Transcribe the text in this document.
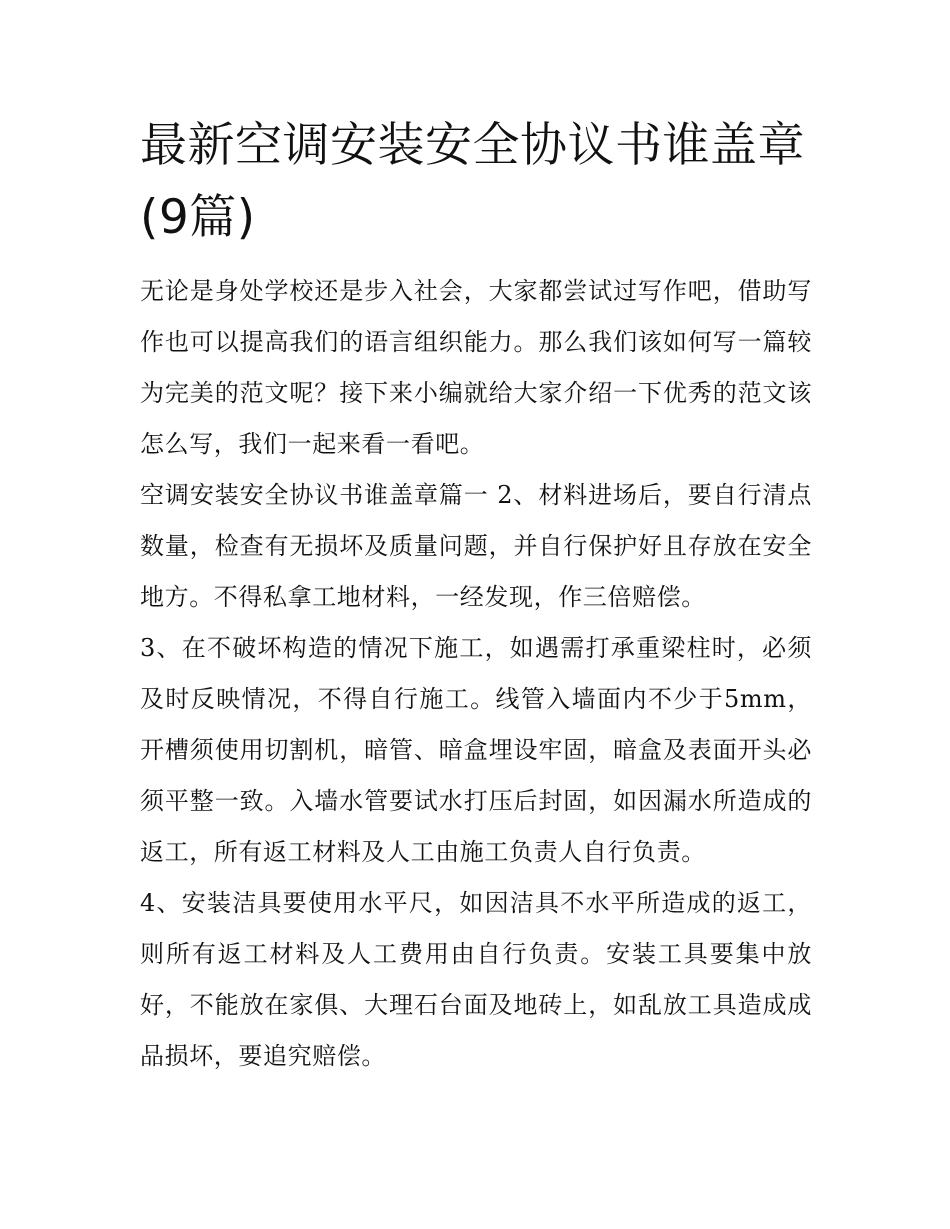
最新空调安装安全协议书谁盖章(9篇)

无论是身处学校还是步入社会，大家都尝试过写作吧，借助写作也可以提高我们的语言组织能力。那么我们该如何写一篇较为完美的范文呢？接下来小编就给大家介绍一下优秀的范文该怎么写，我们一起来看一看吧。

空调安装安全协议书谁盖章篇一 2、材料进场后，要自行清点数量，检查有无损坏及质量问题，并自行保护好且存放在安全地方。不得私拿工地材料，一经发现，作三倍赔偿。

3、在不破坏构造的情况下施工，如遇需打承重梁柱时，必须及时反映情况，不得自行施工。线管入墙面内不少于5mm，开槽须使用切割机，暗管、暗盒埋设牢固，暗盒及表面开头必须平整一致。入墙水管要试水打压后封固，如因漏水所造成的返工，所有返工材料及人工由施工负责人自行负责。

4、安装洁具要使用水平尺，如因洁具不水平所造成的返工，则所有返工材料及人工费用由自行负责。安装工具要集中放好，不能放在家俱、大理石台面及地砖上，如乱放工具造成成品损坏，要追究赔偿。
